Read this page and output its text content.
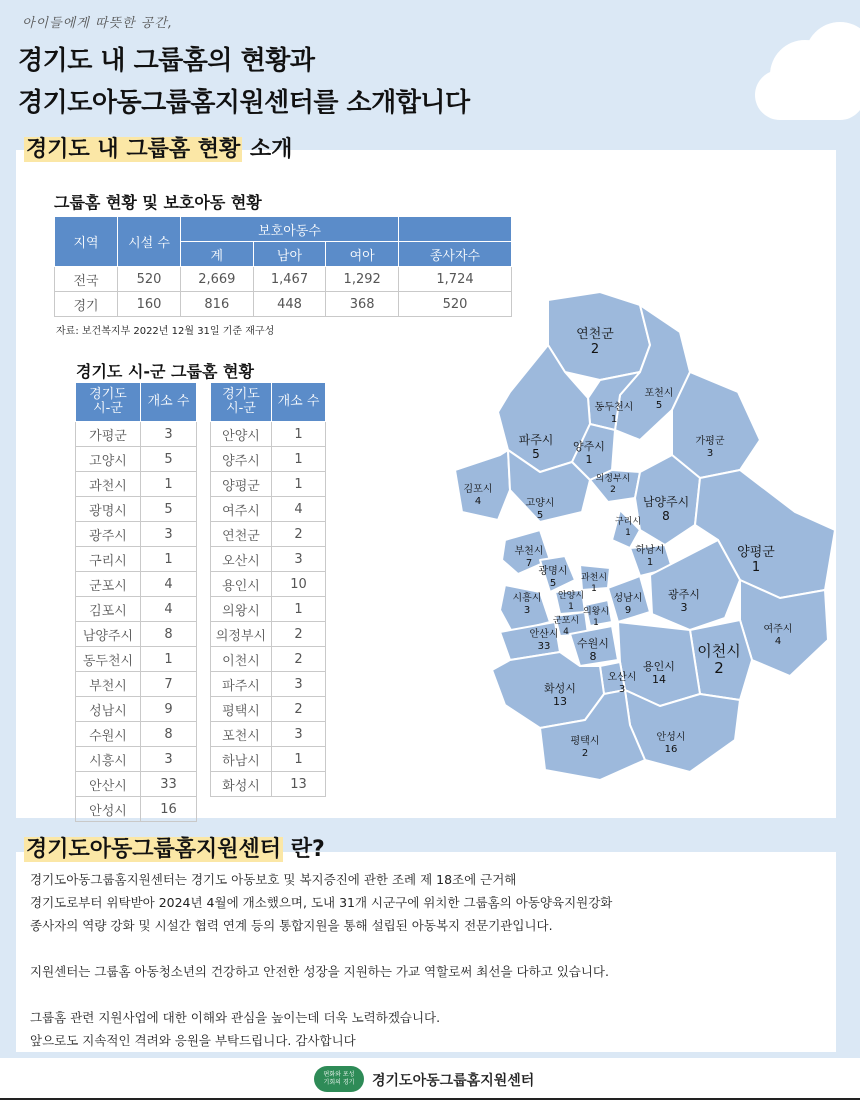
아이들에게 따뜻한 공간,
경기도 내 그룹홈의 현황과
경기도아동그룹홈지원센터를 소개합니다
경기도 내 그룹홈 현황 소개
그룹홈 현황 및 보호아동 현황
지역	시설 수	보호아동수			
		계	남아	여아	종사자수
전국	520	2,669	1,467	1,292	1,724
경기	160	816	448	368	520
자료: 보건복지부 2022년 12월 31일 기준 재구성
경기도 시-군 그룹홈 현황
경기도
시-군	개소 수
가평군	3
고양시	5
과천시	1
광명시	5
광주시	3
구리시	1
군포시	4
김포시	4
남양주시	8
동두천시	1
부천시	7
성남시	9
수원시	8
시흥시	3
안산시	33
안성시	16
경기도
시-군	개소 수
안양시	1
양주시	1
양평군	1
여주시	4
연천군	2
오산시	3
용인시	10
의왕시	1
의정부시	2
이천시	2
파주시	3
평택시	2
포천시	3
하남시	1
화성시	13
연천군
2
포천시
5
동두천시
1
파주시
5
양주시
1
가평군
3
의정부시
2
김포시
4	고양시
5
남양주시
8
구리시
1
양평군
1
부천시
7
하남시
1
광명시
5	과천시
1
시흥시
3
안양시
1
성남시
9
광주시
3
의왕시
1
군포시
4
안산시
33 수원시
8
여주시
4
이천시
2
용인시
14
오산시
3
화성시
13
안성시
16
평택시
2
경기도아동그룹홈지원센터 란?
경기도아동그룹홈지원센터는 경기도 아동보호 및 복지증진에 관한 조례 제 18조에 근거해
경기도로부터 위탁받아 2024년 4월에 개소했으며, 도내 31개 시군구에 위치한 그룹홈의 아동양육지원강화
종사자의 역량 강화 및 시설간 협력 연계 등의 통합지원을 통해 설립된 아동복지 전문기관입니다.
지원센터는 그룹홈 아동청소년의 건강하고 안전한 성장을 지원하는 가교 역할로써 최선을 다하고 있습니다.
그룹홈 관련 지원사업에 대한 이해와 관심을 높이는데 더욱 노력하겠습니다.
앞으로도 지속적인 격려와 응원을 부탁드립니다. 감사합니다
편화와 포성
기회의 경기	경기도아동그룹홈지원센터
